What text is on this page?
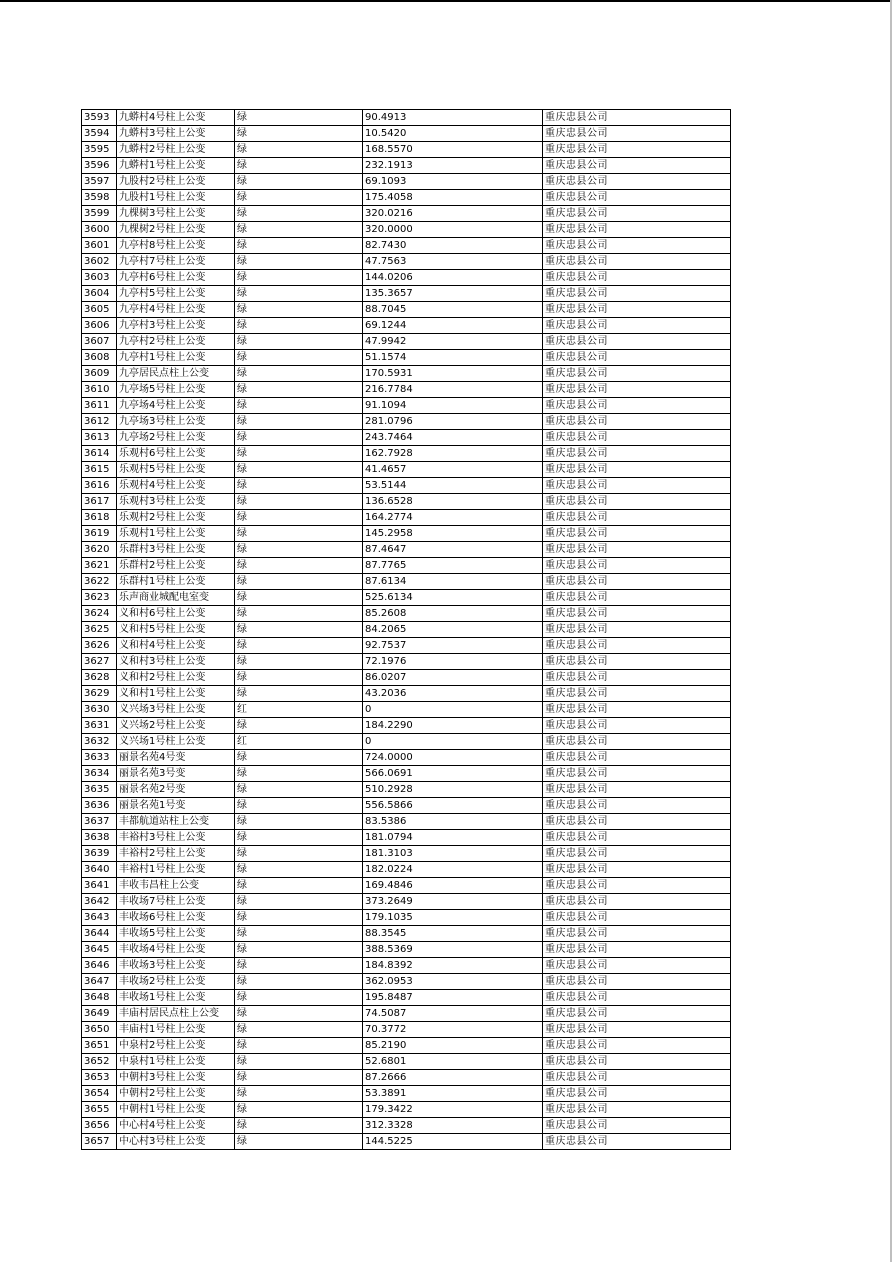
3593	九蟒村4号柱上公变	绿	90.4913	重庆忠县公司
3594	九蟒村3号柱上公变	绿	10.5420	重庆忠县公司
3595	九蟒村2号柱上公变	绿	168.5570	重庆忠县公司
3596	九蟒村1号柱上公变	绿	232.1913	重庆忠县公司
3597	九股村2号柱上公变	绿	69.1093	重庆忠县公司
3598	九股村1号柱上公变	绿	175.4058	重庆忠县公司
3599	九棵树3号柱上公变	绿	320.0216	重庆忠县公司
3600	九棵树2号柱上公变	绿	320.0000	重庆忠县公司
3601	九亭村8号柱上公变	绿	82.7430	重庆忠县公司
3602	九亭村7号柱上公变	绿	47.7563	重庆忠县公司
3603	九亭村6号柱上公变	绿	144.0206	重庆忠县公司
3604	九亭村5号柱上公变	绿	135.3657	重庆忠县公司
3605	九亭村4号柱上公变	绿	88.7045	重庆忠县公司
3606	九亭村3号柱上公变	绿	69.1244	重庆忠县公司
3607	九亭村2号柱上公变	绿	47.9942	重庆忠县公司
3608	九亭村1号柱上公变	绿	51.1574	重庆忠县公司
3609	九亭居民点柱上公变	绿	170.5931	重庆忠县公司
3610	九亭场5号柱上公变	绿	216.7784	重庆忠县公司
3611	九亭场4号柱上公变	绿	91.1094	重庆忠县公司
3612	九亭场3号柱上公变	绿	281.0796	重庆忠县公司
3613	九亭场2号柱上公变	绿	243.7464	重庆忠县公司
3614	乐观村6号柱上公变	绿	162.7928	重庆忠县公司
3615	乐观村5号柱上公变	绿	41.4657	重庆忠县公司
3616	乐观村4号柱上公变	绿	53.5144	重庆忠县公司
3617	乐观村3号柱上公变	绿	136.6528	重庆忠县公司
3618	乐观村2号柱上公变	绿	164.2774	重庆忠县公司
3619	乐观村1号柱上公变	绿	145.2958	重庆忠县公司
3620	乐群村3号柱上公变	绿	87.4647	重庆忠县公司
3621	乐群村2号柱上公变	绿	87.7765	重庆忠县公司
3622	乐群村1号柱上公变	绿	87.6134	重庆忠县公司
3623	乐声商业城配电室变	绿	525.6134	重庆忠县公司
3624	义和村6号柱上公变	绿	85.2608	重庆忠县公司
3625	义和村5号柱上公变	绿	84.2065	重庆忠县公司
3626	义和村4号柱上公变	绿	92.7537	重庆忠县公司
3627	义和村3号柱上公变	绿	72.1976	重庆忠县公司
3628	义和村2号柱上公变	绿	86.0207	重庆忠县公司
3629	义和村1号柱上公变	绿	43.2036	重庆忠县公司
3630	义兴场3号柱上公变	红	0	重庆忠县公司
3631	义兴场2号柱上公变	绿	184.2290	重庆忠县公司
3632	义兴场1号柱上公变	红	0	重庆忠县公司
3633	丽景名苑4号变	绿	724.0000	重庆忠县公司
3634	丽景名苑3号变	绿	566.0691	重庆忠县公司
3635	丽景名苑2号变	绿	510.2928	重庆忠县公司
3636	丽景名苑1号变	绿	556.5866	重庆忠县公司
3637	丰都航道站柱上公变	绿	83.5386	重庆忠县公司
3638	丰裕村3号柱上公变	绿	181.0794	重庆忠县公司
3639	丰裕村2号柱上公变	绿	181.3103	重庆忠县公司
3640	丰裕村1号柱上公变	绿	182.0224	重庆忠县公司
3641	丰收韦昌柱上公变	绿	169.4846	重庆忠县公司
3642	丰收场7号柱上公变	绿	373.2649	重庆忠县公司
3643	丰收场6号柱上公变	绿	179.1035	重庆忠县公司
3644	丰收场5号柱上公变	绿	88.3545	重庆忠县公司
3645	丰收场4号柱上公变	绿	388.5369	重庆忠县公司
3646	丰收场3号柱上公变	绿	184.8392	重庆忠县公司
3647	丰收场2号柱上公变	绿	362.0953	重庆忠县公司
3648	丰收场1号柱上公变	绿	195.8487	重庆忠县公司
3649	丰庙村居民点柱上公变	绿	74.5087	重庆忠县公司
3650	丰庙村1号柱上公变	绿	70.3772	重庆忠县公司
3651	中泉村2号柱上公变	绿	85.2190	重庆忠县公司
3652	中泉村1号柱上公变	绿	52.6801	重庆忠县公司
3653	中朝村3号柱上公变	绿	87.2666	重庆忠县公司
3654	中朝村2号柱上公变	绿	53.3891	重庆忠县公司
3655	中朝村1号柱上公变	绿	179.3422	重庆忠县公司
3656	中心村4号柱上公变	绿	312.3328	重庆忠县公司
3657	中心村3号柱上公变	绿	144.5225	重庆忠县公司
